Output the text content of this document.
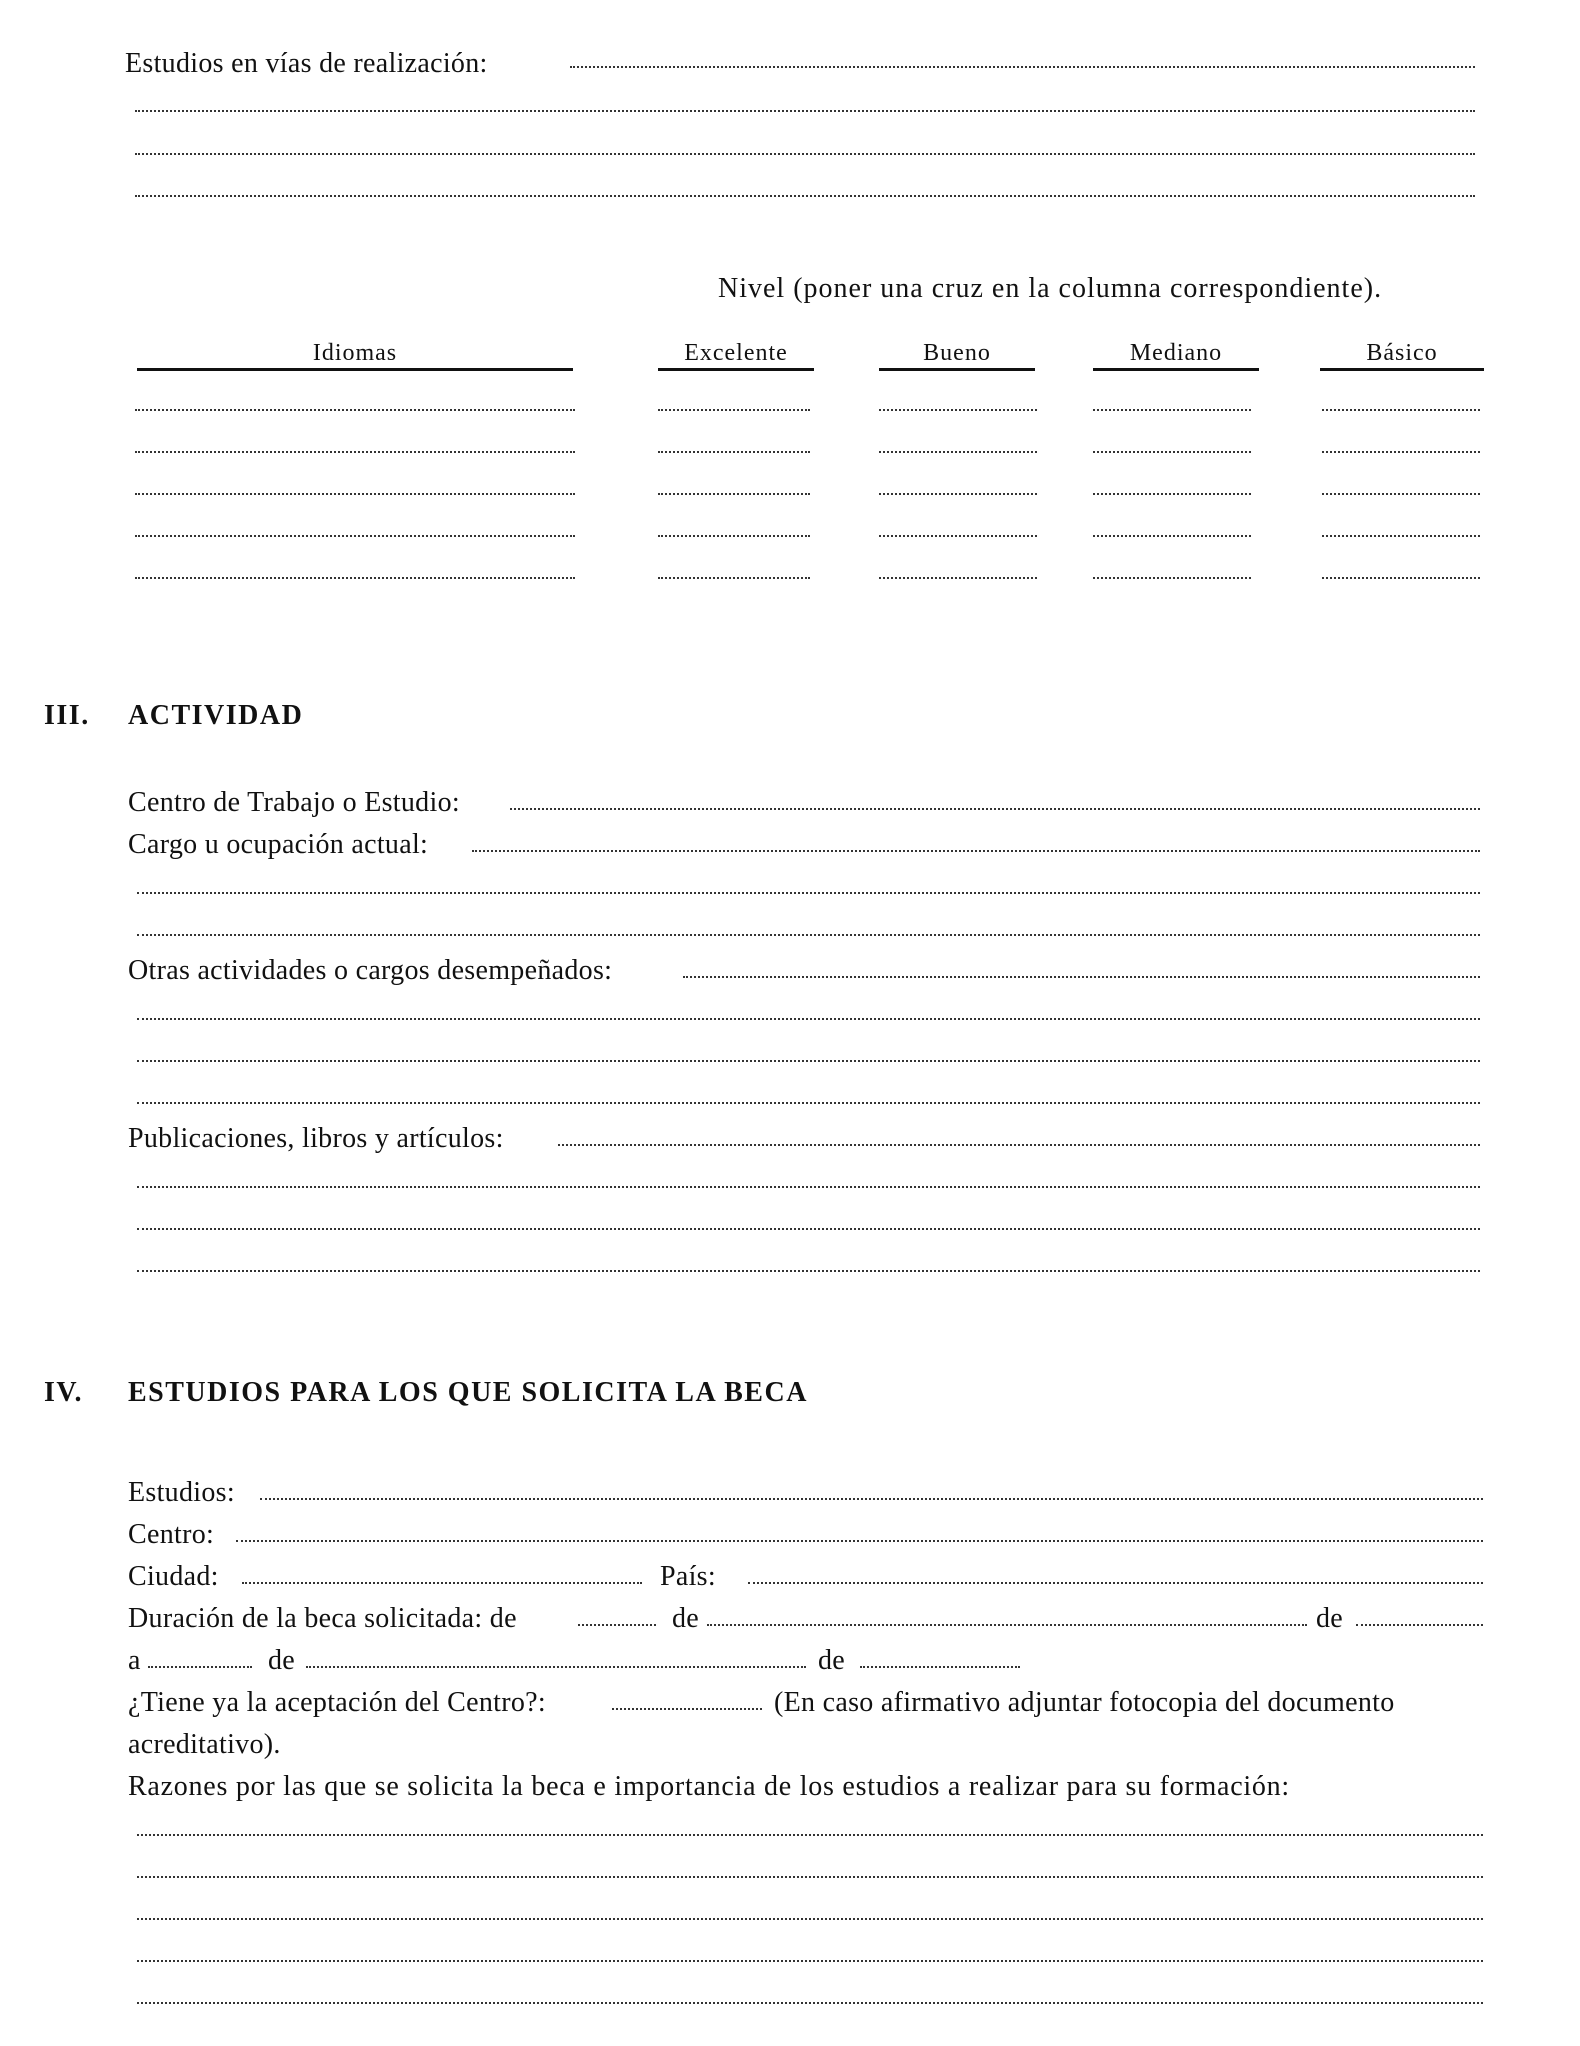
Estudios en vías de realización:
Nivel (poner una cruz en la columna correspondiente).
Idiomas	Excelente	Bueno	Mediano	Básico
III. ACTIVIDAD
Centro de Trabajo o Estudio:
Cargo u ocupación actual:
Otras actividades o cargos desempeñados:
Publicaciones, libros y artículos:
IV. ESTUDIOS PARA LOS QUE SOLICITA LA BECA
Estudios:
Centro:
Ciudad:	País:
Duración de la beca solicitada: de	de	de
a	de	de
¿Tiene ya la aceptación del Centro?:	(En caso afirmativo adjuntar fotocopia del documento
acreditativo).
Razones por las que se solicita la beca e importancia de los estudios a realizar para su formación:
